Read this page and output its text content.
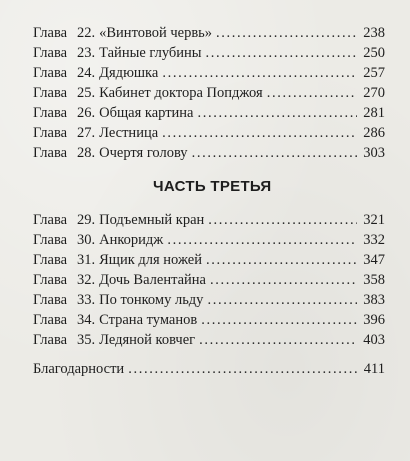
Глава 22. «Винтовой червь» . . .	238
Глава 23. Тайные глубины . . .	250
Глава 24. Дядюшка . . .	257
Глава 25. Кабинет доктора Попджоя . . .	270
Глава 26. Общая картина . . .	281
Глава 27. Лестница . . .	286
Глава 28. Очертя голову . . .	303
Глава 29. Подъемный кран . . .	321
Глава 30. Анкоридж . . .	332
Глава 31. Ящик для ножей . . .	347
Глава 32. Дочь Валентайна . . .	358
Глава 33. По тонкому льду . . .	383
Глава 34. Страна туманов . . .	396
Глава 35. Ледяной ковчег . . .	403
Благодарности . . .	411
ЧАСТЬ ТРЕТЬЯ
